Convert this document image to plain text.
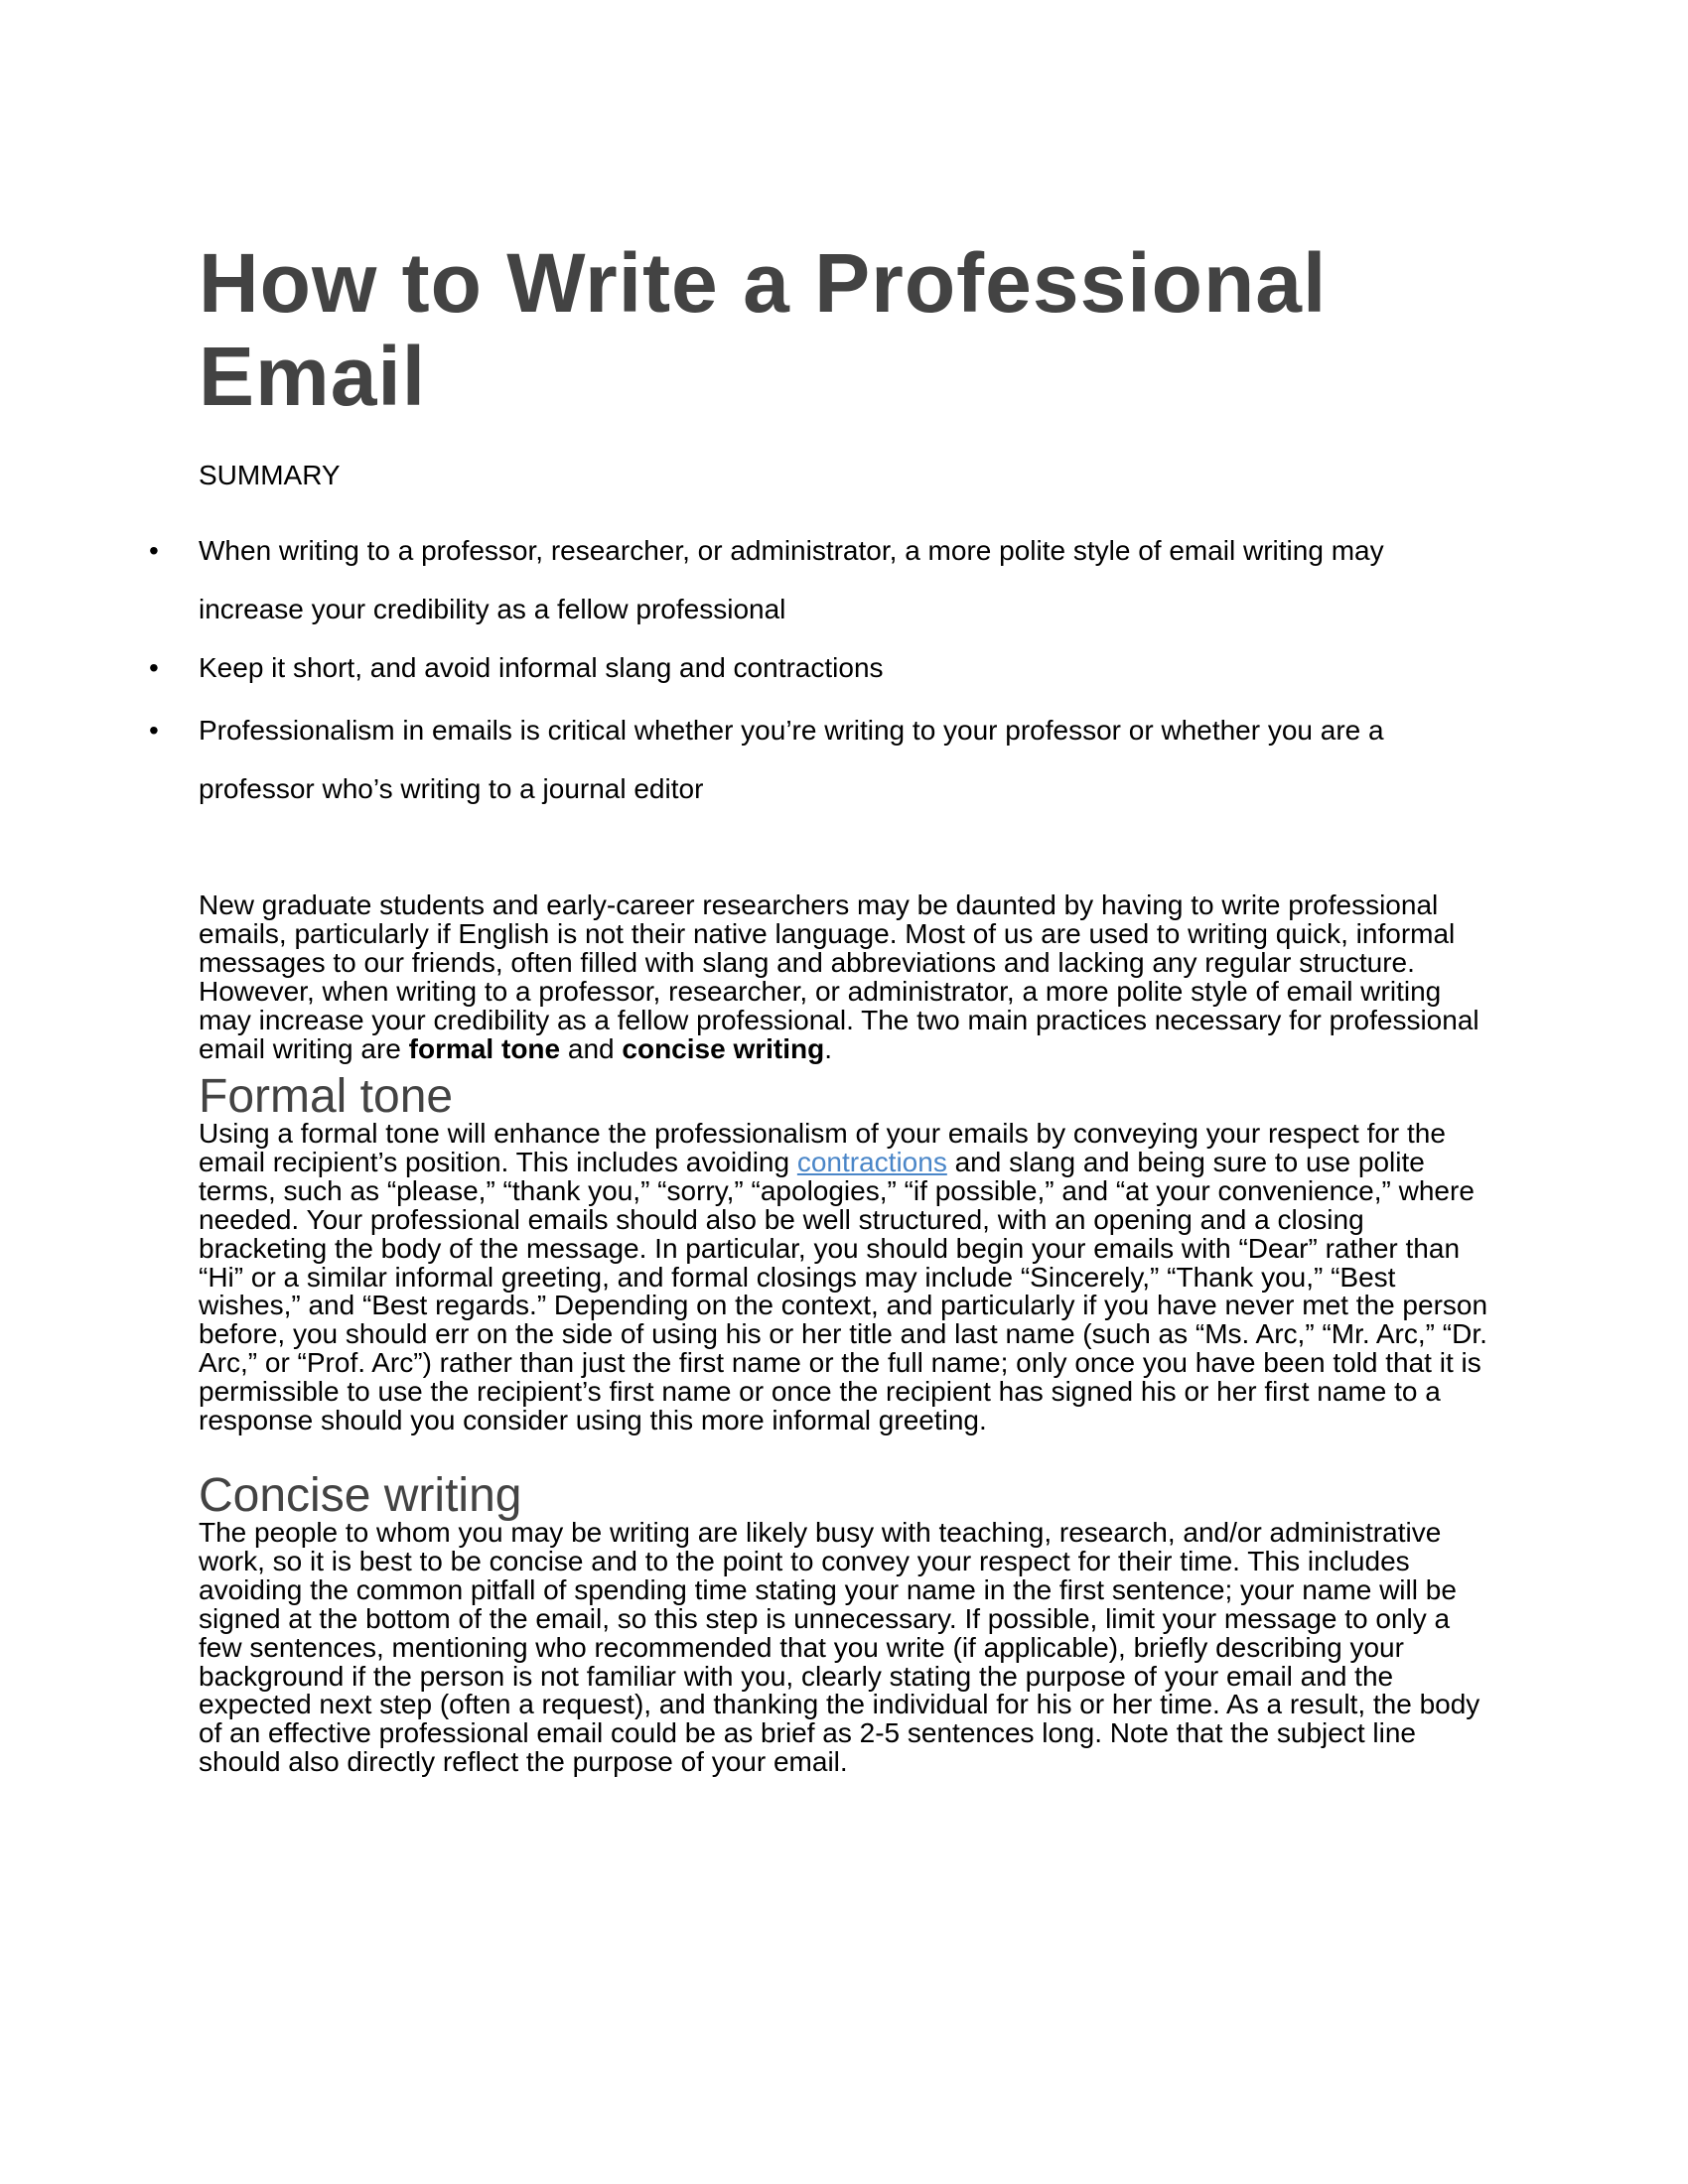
How to Write a Professional Email
SUMMARY
• When writing to a professor, researcher, or administrator, a more polite style of email writing may increase your credibility as a fellow professional
• Keep it short, and avoid informal slang and contractions
• Professionalism in emails is critical whether you’re writing to your professor or whether you are a professor who’s writing to a journal editor

New graduate students and early-career researchers may be daunted by having to write professional emails, particularly if English is not their native language. Most of us are used to writing quick, informal messages to our friends, often filled with slang and abbreviations and lacking any regular structure. However, when writing to a professor, researcher, or administrator, a more polite style of email writing may increase your credibility as a fellow professional. The two main practices necessary for professional email writing are formal tone and concise writing.

Formal tone

Using a formal tone will enhance the professionalism of your emails by conveying your respect for the email recipient’s position. This includes avoiding contractions and slang and being sure to use polite terms, such as “please,” “thank you,” “sorry,” “apologies,” “if possible,” and “at your convenience,” where needed. Your professional emails should also be well structured, with an opening and a closing bracketing the body of the message. In particular, you should begin your emails with “Dear” rather than “Hi” or a similar informal greeting, and formal closings may include “Sincerely,” “Thank you,” “Best wishes,” and “Best regards.” Depending on the context, and particularly if you have never met the person before, you should err on the side of using his or her title and last name (such as “Ms. Arc,” “Mr. Arc,” “Dr. Arc,” or “Prof. Arc”) rather than just the first name or the full name; only once you have been told that it is permissible to use the recipient’s first name or once the recipient has signed his or her first name to a response should you consider using this more informal greeting.

Concise writing

The people to whom you may be writing are likely busy with teaching, research, and/or administrative work, so it is best to be concise and to the point to convey your respect for their time. This includes avoiding the common pitfall of spending time stating your name in the first sentence; your name will be signed at the bottom of the email, so this step is unnecessary. If possible, limit your message to only a few sentences, mentioning who recommended that you write (if applicable), briefly describing your background if the person is not familiar with you, clearly stating the purpose of your email and the expected next step (often a request), and thanking the individual for his or her time. As a result, the body of an effective professional email could be as brief as 2-5 sentences long. Note that the subject line should also directly reflect the purpose of your email.
